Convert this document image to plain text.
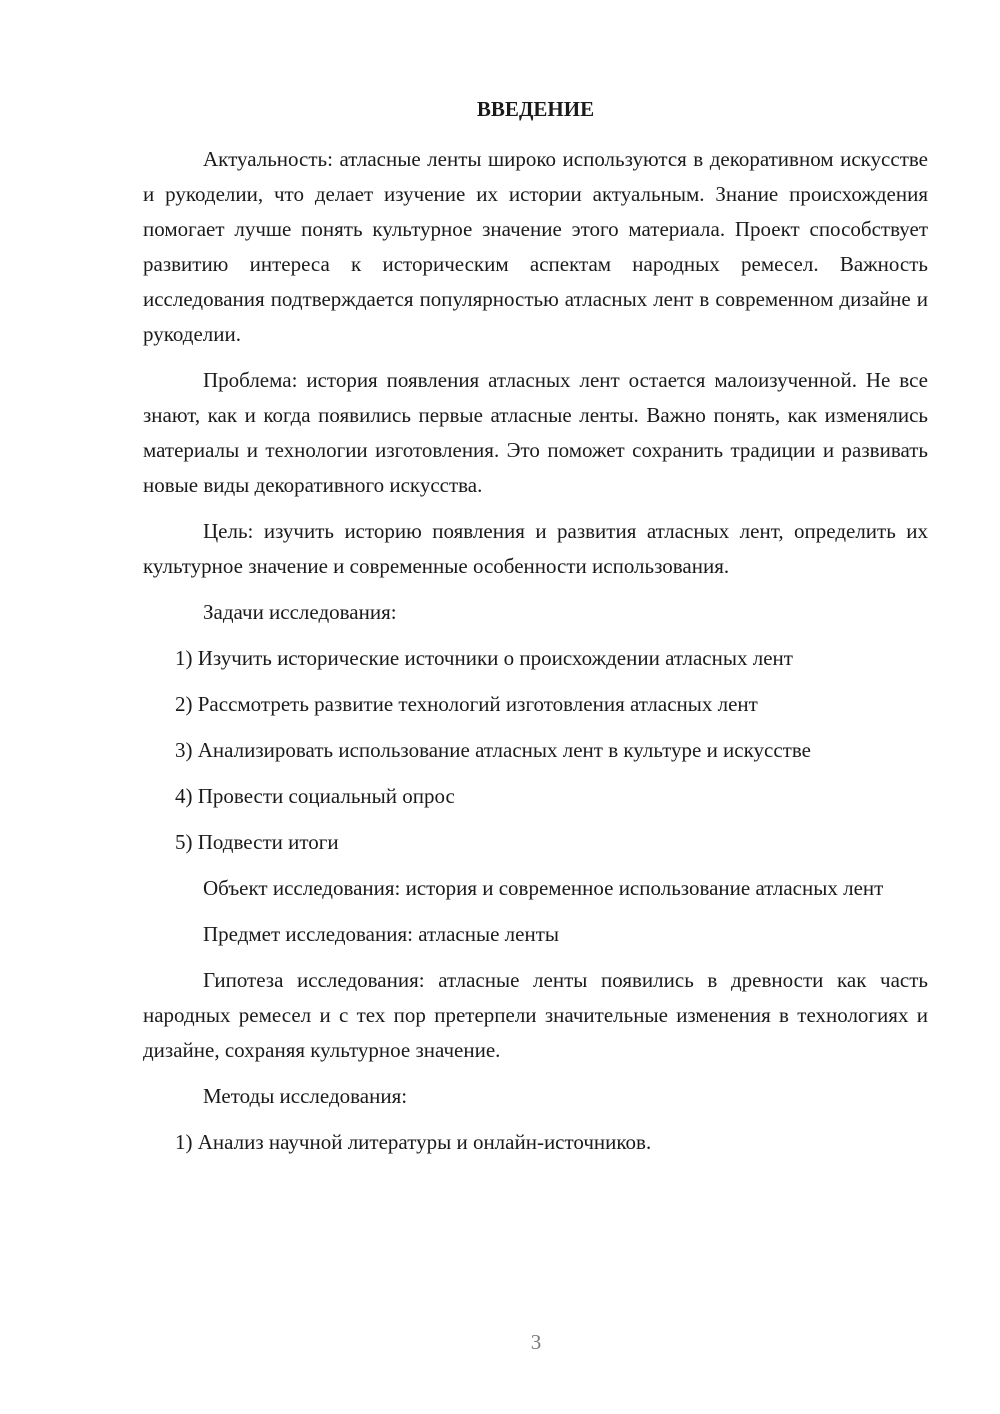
ВВЕДЕНИЕ

Актуальность: атласные ленты широко используются в декоративном искусстве и рукоделии, что делает изучение их истории актуальным. Знание происхождения помогает лучше понять культурное значение этого материала. Проект способствует развитию интереса к историческим аспектам народных ремесел. Важность исследования подтверждается популярностью атласных лент в современном дизайне и рукоделии.

Проблема: история появления атласных лент остается малоизученной. Не все знают, как и когда появились первые атласные ленты. Важно понять, как изменялись материалы и технологии изготовления. Это поможет сохранить традиции и развивать новые виды декоративного искусства.

Цель: изучить историю появления и развития атласных лент, определить их культурное значение и современные особенности использования.

Задачи исследования:

1) Изучить исторические источники о происхождении атласных лент

2) Рассмотреть развитие технологий изготовления атласных лент

3) Анализировать использование атласных лент в культуре и искусстве

4) Провести социальный опрос

5) Подвести итоги

Объект исследования: история и современное использование атласных лент

Предмет исследования: атласные ленты

Гипотеза исследования: атласные ленты появились в древности как часть народных ремесел и с тех пор претерпели значительные изменения в технологиях и дизайне, сохраняя культурное значение.

Методы исследования:

1) Анализ научной литературы и онлайн-источников.

3
